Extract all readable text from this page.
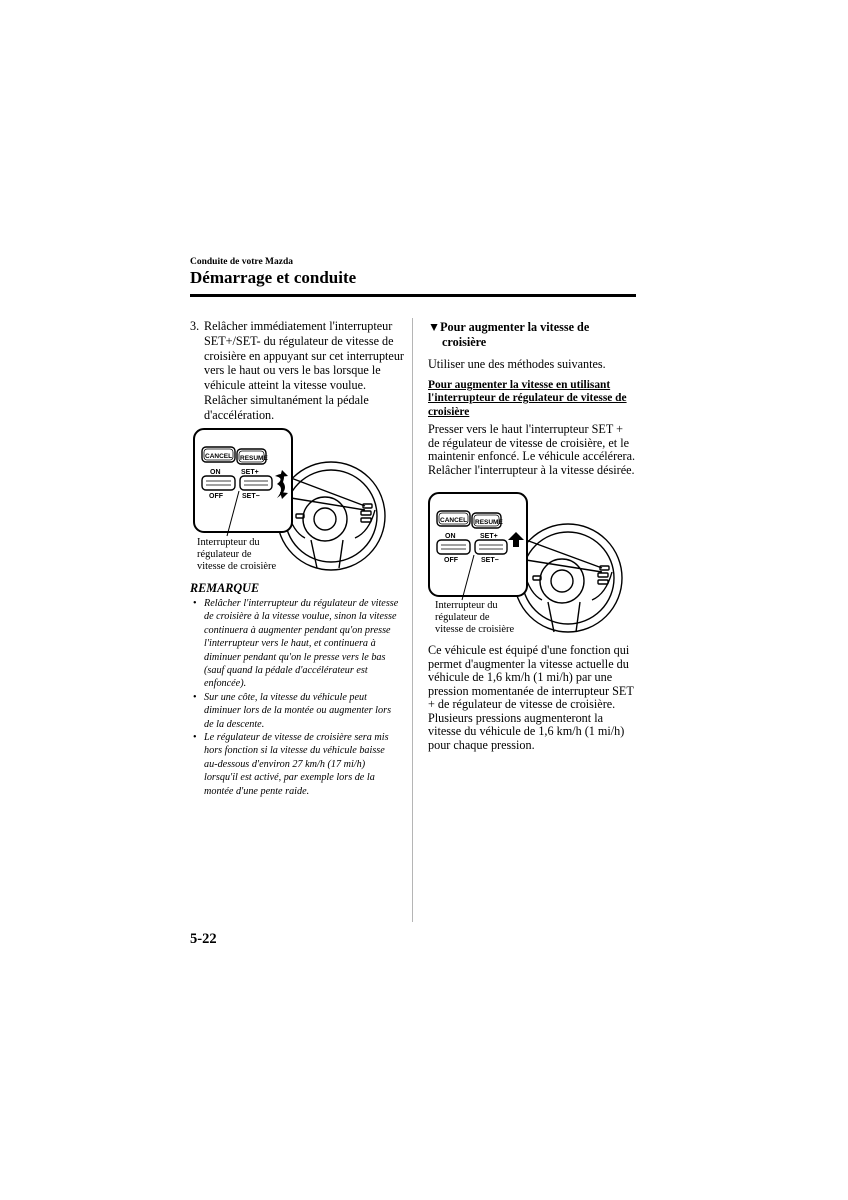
Conduite de votre Mazda
Démarrage et conduite
3. Relâcher immédiatement l'interrupteur SET+/SET- du régulateur de vitesse de croisière en appuyant sur cet interrupteur vers le haut ou vers le bas lorsque le véhicule atteint la vitesse voulue. Relâcher simultanément la pédale d'accélération.
CANCEL RESUME
ON	SET+
OFF	SET−
Interrupteur du
régulateur de
vitesse de croisière
REMARQUE
• Relâcher l'interrupteur du régulateur de vitesse de croisière à la vitesse voulue, sinon la vitesse continuera à augmenter pendant qu'on presse l'interrupteur vers le haut, et continuera à diminuer pendant qu'on le presse vers le bas (sauf quand la pédale d'accélérateur est enfoncée).
• Sur une côte, la vitesse du véhicule peut diminuer lors de la montée ou augmenter lors de la descente.
• Le régulateur de vitesse de croisière sera mis hors fonction si la vitesse du véhicule baisse au-dessous d'environ 27 km/h (17 mi/h) lorsqu'il est activé, par exemple lors de la montée d'une pente raide.
▼Pour augmenter la vitesse de
croisière
Utiliser une des méthodes suivantes.
Pour augmenter la vitesse en utilisant l'interrupteur de régulateur de vitesse de croisière
Presser vers le haut l'interrupteur SET + de régulateur de vitesse de croisière, et le maintenir enfoncé. Le véhicule accélérera. Relâcher l'interrupteur à la vitesse désirée.
CANCEL RESUME
ON	SET+
OFF	SET−
Interrupteur du
régulateur de
vitesse de croisière
Ce véhicule est équipé d'une fonction qui permet d'augmenter la vitesse actuelle du véhicule de 1,6 km/h (1 mi/h) par une pression momentanée de interrupteur SET + de régulateur de vitesse de croisière. Plusieurs pressions augmenteront la vitesse du véhicule de 1,6 km/h (1 mi/h) pour chaque pression.
5-22
